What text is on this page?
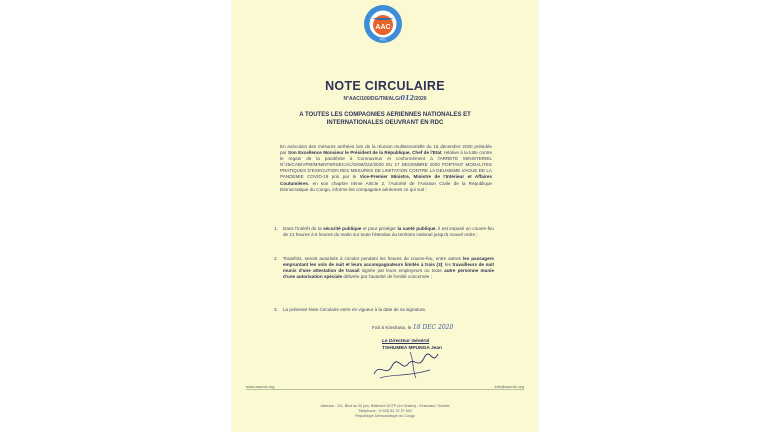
AAC
RDC
NOTE CIRCULAIRE
N°AAC/100/DG/TM/ALG/012/2020
A TOUTES LES COMPAGNIES AERIENNES NATIONALES ET INTERNATIONALES OEUVRANT EN RDC
En exécution des mesures arrêtées lors de la réunion multisectorielle du 15 décembre 2020 présidée par Son Excellence Monsieur le Président de la République, Chef de l'Etat, relative à la lutte contre le regain de la pandémie à Coronavirus et conformément à l'ARRETE MINISTERIEL N°25/CAB/VPM/MININTERSECAC/GKM/022/2020 DU 17 DECEMBRE 2020 PORTANT MODALITES PRATIQUES D'EXECUTION DES MESURES DE LIMITATION CONTRE LA DEUXIEME VAGUE DE LA PANDEMIE COVID-19 pris par le Vice-Premier Ministre, Ministre de l'Intérieur et Affaires Coutumières, en son chapitre IIème Article 2, l'Autorité de l'Aviation Civile de la République Démocratique du Congo, informe les compagnies aériennes ce qui suit :
1.	Dans l'intérêt de la sécurité publique et pour protéger la santé publique, il est imposé un couvre-feu de 21 heures à 5 heures du matin sur toute l'étendue du territoire national jusqu'à nouvel ordre ;
2.	Toutefois, seront autorisés à circuler pendant les heures de couvre-feu, entre autres les passagers empruntant les vols de nuit et leurs accompagnateurs limités à trois (3); les travailleurs de nuit munis d'une attestation de travail signée par leurs employeurs ou toute autre personne munie d'une autorisation spéciale délivrée par l'autorité de l'entité concernée ;
3.	La présente Note Circulaire entre en vigueur à la date de sa signature.
Fait à Kinshasa, le 18 DEC 2020
Le Directeur Général
TSHIUMBA MPUNGA Jean
www.aacrdc.org	info@aacrdc.org
Adresse : 111, Blvd du 30 juin, Bâtiment SCTP (ex Onatra) - Kinshasa / Gombe
Téléphone : (+243) 81 22 37 692
République Démocratique du Congo
